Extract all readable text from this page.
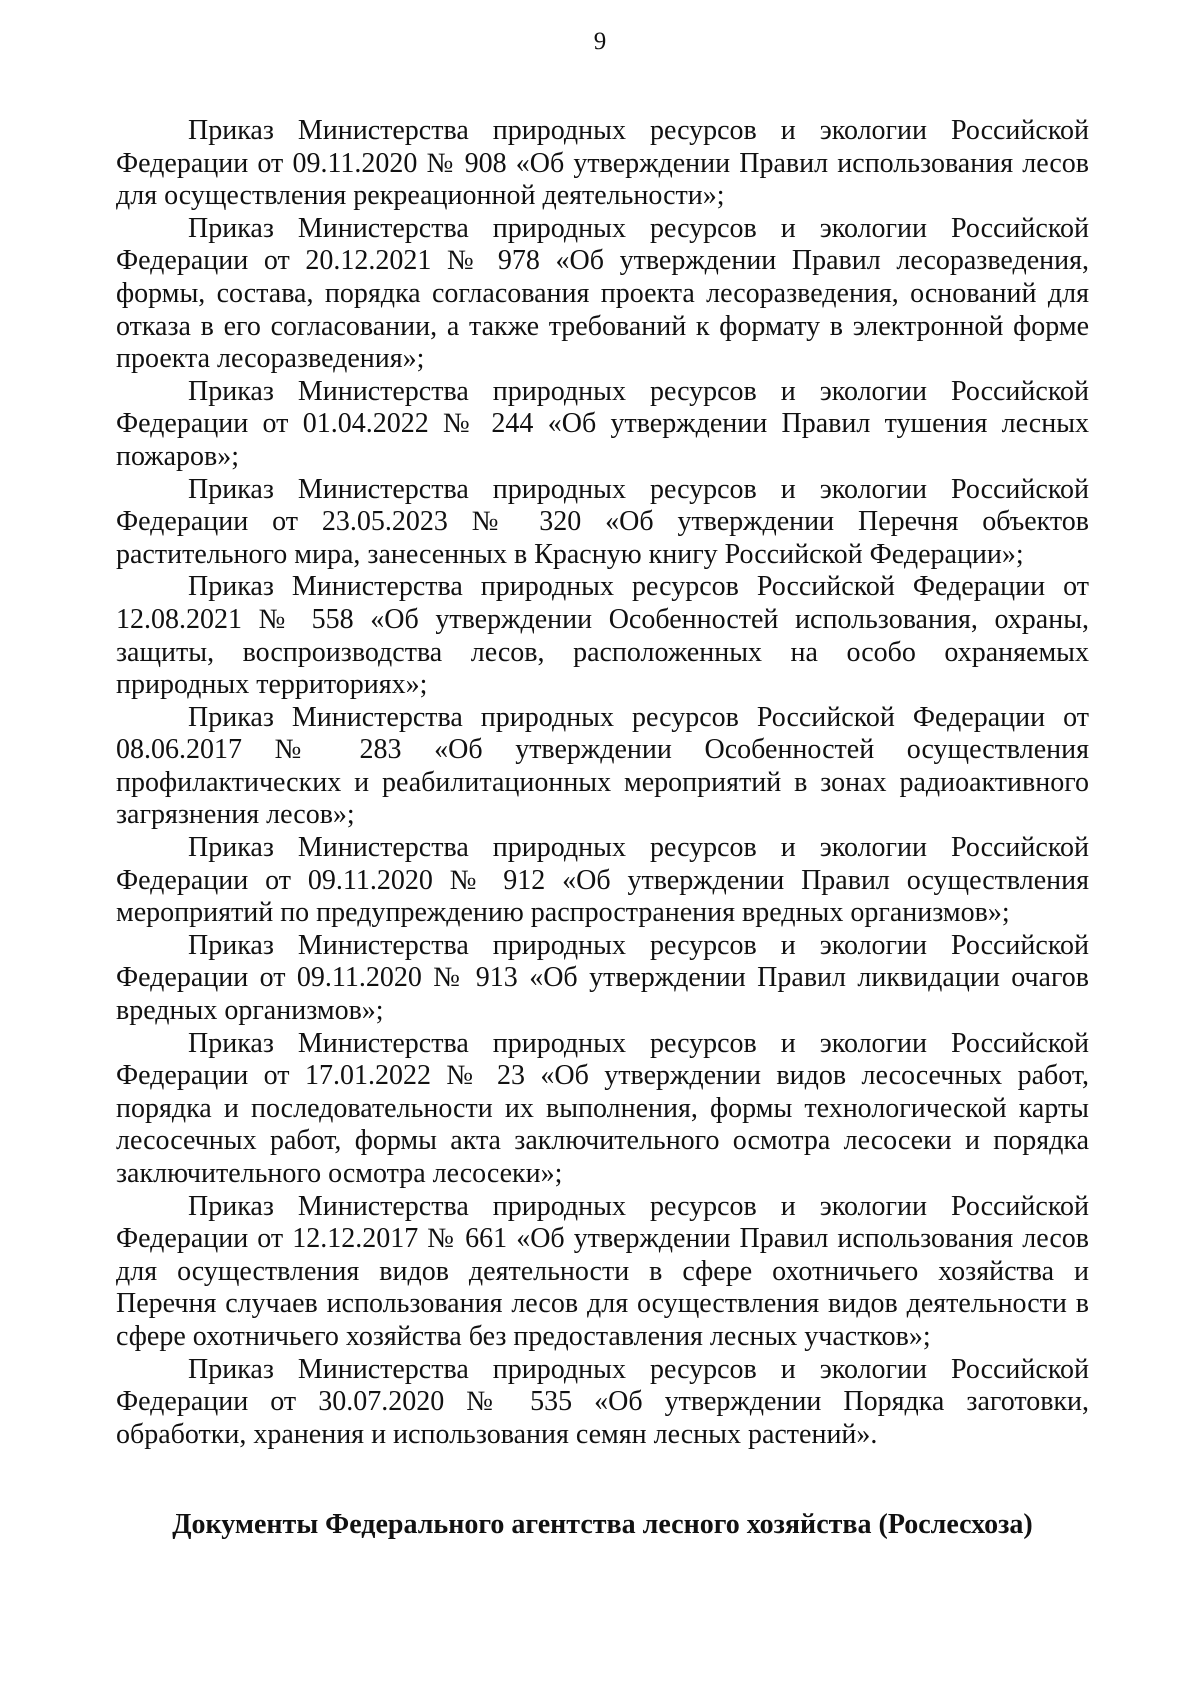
9

Приказ Министерства природных ресурсов и экологии Российской Федерации от 09.11.2020 № 908 «Об утверждении Правил использования лесов для осуществления рекреационной деятельности»;

Приказ Министерства природных ресурсов и экологии Российской Федерации от 20.12.2021 № 978 «Об утверждении Правил лесоразведения, формы, состава, порядка согласования проекта лесоразведения, оснований для отказа в его согласовании, а также требований к формату в электронной форме проекта лесоразведения»;

Приказ Министерства природных ресурсов и экологии Российской Федерации от 01.04.2022 № 244 «Об утверждении Правил тушения лесных пожаров»;

Приказ Министерства природных ресурсов и экологии Российской Федерации от 23.05.2023 № 320 «Об утверждении Перечня объектов растительного мира, занесенных в Красную книгу Российской Федерации»;

Приказ Министерства природных ресурсов Российской Федерации от 12.08.2021 № 558 «Об утверждении Особенностей использования, охраны, защиты, воспроизводства лесов, расположенных на особо охраняемых природных территориях»;

Приказ Министерства природных ресурсов Российской Федерации от 08.06.2017 № 283 «Об утверждении Особенностей осуществления профилактических и реабилитационных мероприятий в зонах радиоактивного загрязнения лесов»;

Приказ Министерства природных ресурсов и экологии Российской Федерации от 09.11.2020 № 912 «Об утверждении Правил осуществления мероприятий по предупреждению распространения вредных организмов»;

Приказ Министерства природных ресурсов и экологии Российской Федерации от 09.11.2020 № 913 «Об утверждении Правил ликвидации очагов вредных организмов»;

Приказ Министерства природных ресурсов и экологии Российской Федерации от 17.01.2022 № 23 «Об утверждении видов лесосечных работ, порядка и последовательности их выполнения, формы технологической карты лесосечных работ, формы акта заключительного осмотра лесосеки и порядка заключительного осмотра лесосеки»;

Приказ Министерства природных ресурсов и экологии Российской Федерации от 12.12.2017 № 661 «Об утверждении Правил использования лесов для осуществления видов деятельности в сфере охотничьего хозяйства и Перечня случаев использования лесов для осуществления видов деятельности в сфере охотничьего хозяйства без предоставления лесных участков»;

Приказ Министерства природных ресурсов и экологии Российской Федерации от 30.07.2020 № 535 «Об утверждении Порядка заготовки, обработки, хранения и использования семян лесных растений».

Документы Федерального агентства лесного хозяйства (Рослесхоза)
